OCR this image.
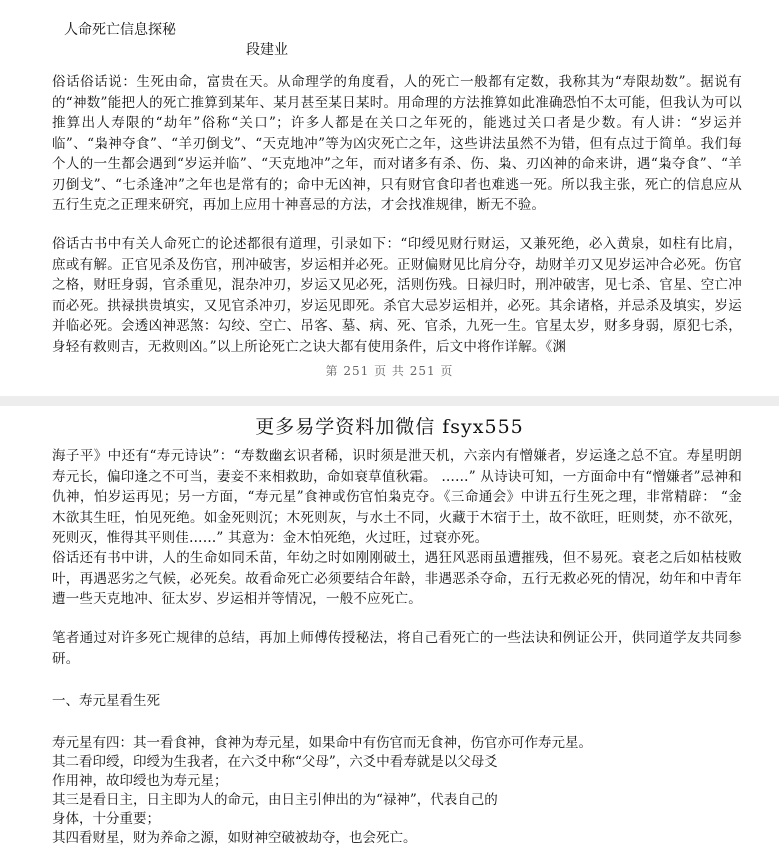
人命死亡信息探秘
段建业

俗话俗话说：生死由命，富贵在天。从命理学的角度看，人的死亡一般都有定数，我称其为“寿限劫数”。据说有的“神数”能把人的死亡推算到某年、某月甚至某日某时。用命理的方法推算如此准确恐怕不太可能，但我认为可以推算出人寿限的“劫年”俗称“关口”；许多人都是在关口之年死的，能逃过关口者是少数。有人讲：“岁运并临”、“枭神夺食”、“羊刃倒戈”、“天克地冲”等为凶灾死亡之年，这些讲法虽然不为错，但有点过于简单。我们每个人的一生都会遇到“岁运并临”、“天克地冲”之年，而对诸多有杀、伤、枭、刃凶神的命来讲，遇“枭夺食”、“羊刃倒戈”、“七杀逢冲”之年也是常有的；命中无凶神，只有财官食印者也难逃一死。所以我主张，死亡的信息应从五行生克之正理来研究，再加上应用十神喜忌的方法，才会找准规律，断无不验。

俗话古书中有关人命死亡的论述都很有道理，引录如下：“印绶见财行财运，又兼死绝，必入黄泉，如柱有比肩，庶或有解。正官见杀及伤官，刑冲破害，岁运相并必死。正财偏财见比肩分夺，劫财羊刃又见岁运冲合必死。伤官之格，财旺身弱，官杀重见，混杂冲刃，岁运又见必死，活则伤残。日禄归时，刑冲破害，见七杀、官星、空亡冲而必死。拱禄拱贵填实，又见官杀冲刃，岁运见即死。杀官大忌岁运相并，必死。其余诸格，并忌杀及填实，岁运并临必死。会透凶神恶煞：勾绞、空亡、吊客、墓、病、死、官杀，九死一生。官星太岁，财多身弱，原犯七杀，身轻有救则吉，无救则凶。”以上所论死亡之诀大都有使用条件，后文中将作详解。《渊

第 251 页 共 251 页
更多易学资料加微信 fsyx555

海子平》中还有“寿元诗诀”：“寿数幽玄识者稀，识时须是泄天机，六亲内有憎嫌者，岁运逢之总不宜。寿星明朗寿元长，偏印逢之不可当，妻妾不来相救助，命如衰草值秋霜。 ……” 从诗诀可知，一方面命中有“憎嫌者”忌神和仇神，怕岁运再见；另一方面，“寿元星”食神或伤官怕枭克夺。《三命通会》中讲五行生死之理，非常精辟： “金木欲其生旺，怕见死绝。如金死则沉；木死则灰，与水土不同，火藏于木宿于土，故不欲旺，旺则焚，亦不欲死，死则灭，惟得其平则佳……” 其意为：金木怕死绝，火过旺，过衰亦死。

俗话还有书中讲，人的生命如同禾苗，年幼之时如刚刚破土，遇狂风恶雨虽遭摧残，但不易死。衰老之后如枯枝败叶，再遇恶劣之气候，必死矣。故看命死亡必须要结合年龄，非遇恶杀夺命，五行无救必死的情况，幼年和中青年遭一些天克地冲、征太岁、岁运相并等情况，一般不应死亡。

笔者通过对许多死亡规律的总结，再加上师傅传授秘法，将自己看死亡的一些法诀和例证公开，供同道学友共同参研。

一、寿元星看生死
寿元星有四：其一看食神，食神为寿元星，如果命中有伤官而无食神，伤官亦可作寿元星。
其二看印绶，印绶为生我者，在六爻中称“父母”，六爻中看寿就是以父母爻
作用神，故印绶也为寿元星；
其三是看日主，日主即为人的命元，由日主引伸出的为“禄神”，代表自己的
身体，十分重要；
其四看财星，财为养命之源，如财神空破被劫夺，也会死亡。
